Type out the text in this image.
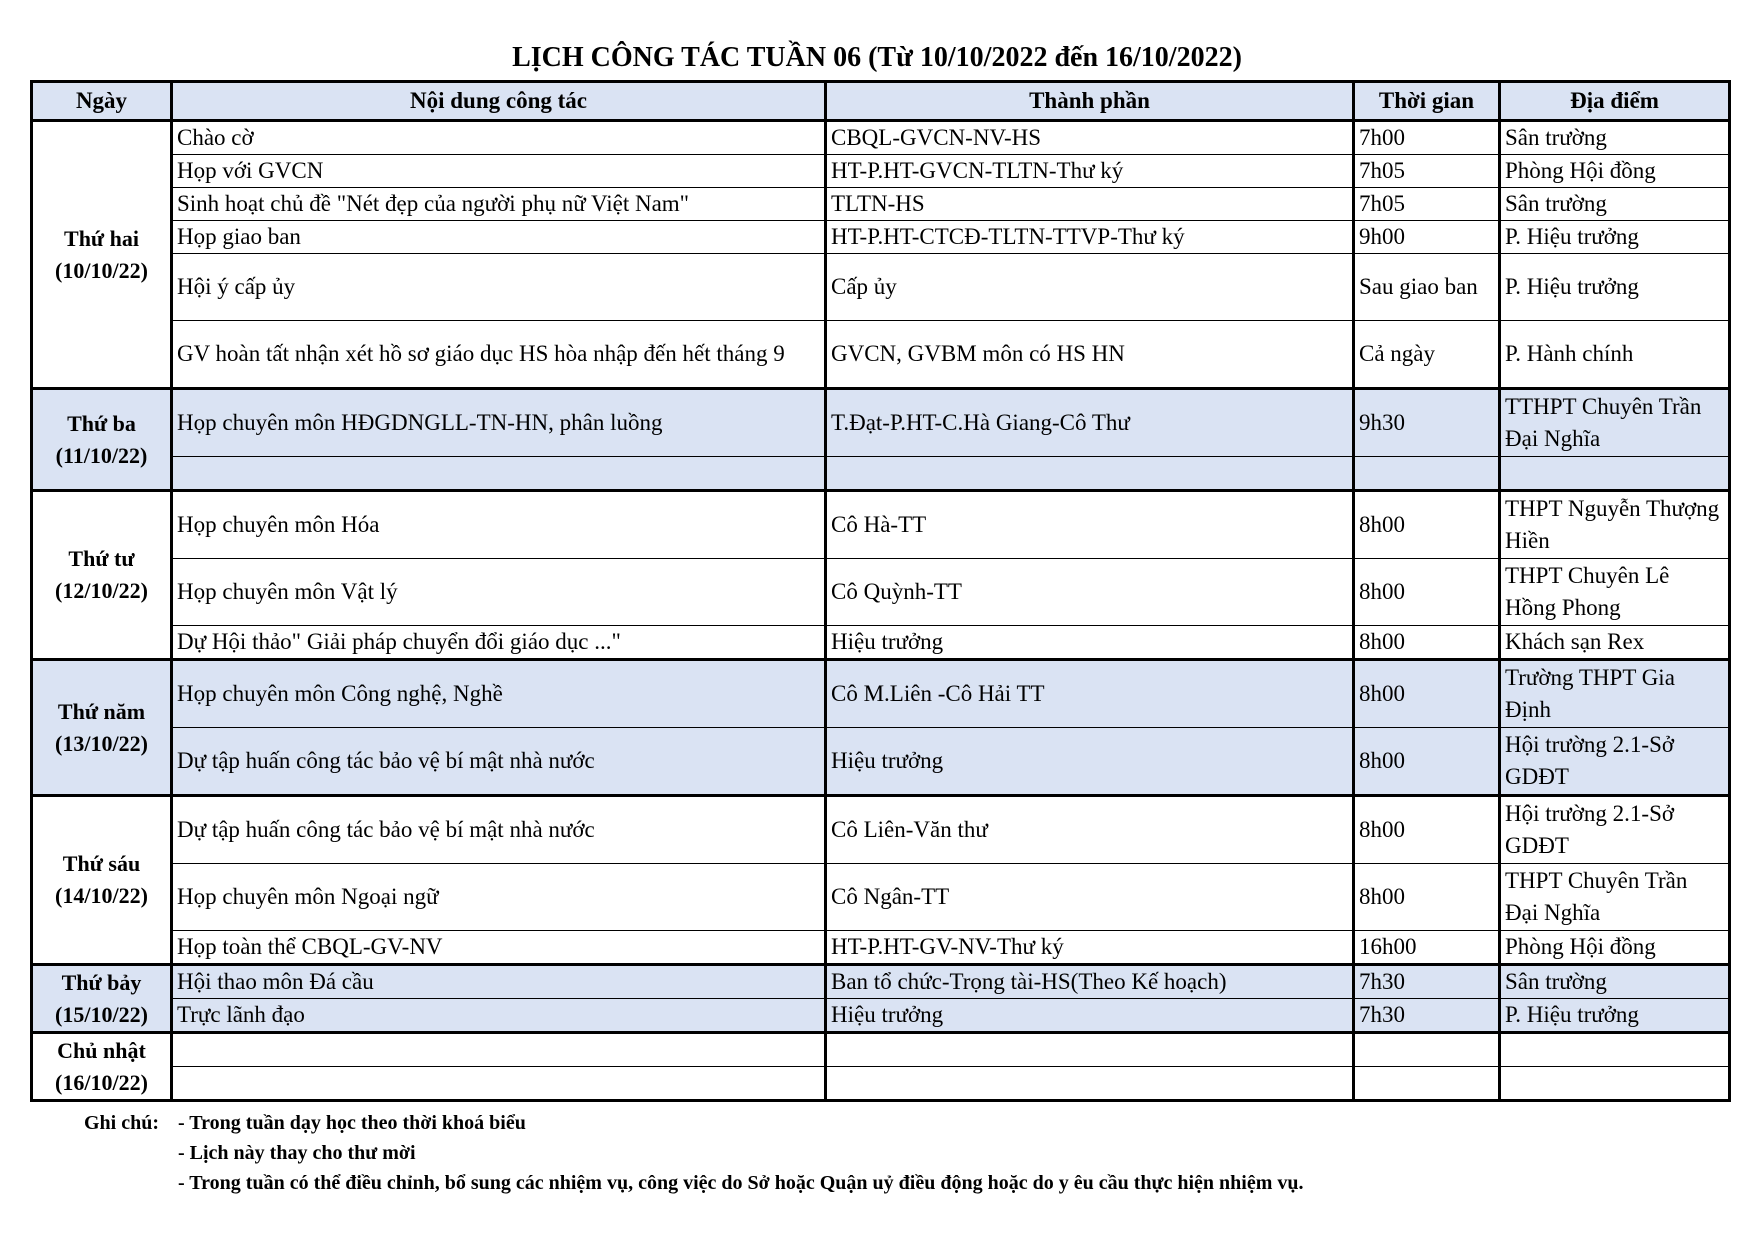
LỊCH CÔNG TÁC TUẦN 06 (Từ 10/10/2022 đến 16/10/2022)
Ngày	Nội dung công tác	Thành phần	Thời gian	Địa điểm

Thứ hai
(10/10/22)	Chào cờ	CBQL-GVCN-NV-HS	7h00	Sân trường
	Họp với GVCN	HT-P.HT-GVCN-TLTN-Thư ký	7h05	Phòng Hội đồng
	Sinh hoạt chủ đề "Nét đẹp của người phụ nữ Việt Nam"	TLTN-HS	7h05	Sân trường
	Họp giao ban	HT-P.HT-CTCĐ-TLTN-TTVP-Thư ký	9h00	P. Hiệu trưởng
	Hội ý cấp ủy	Cấp ủy	Sau giao ban	P. Hiệu trưởng
	GV hoàn tất nhận xét hồ sơ giáo dục HS hòa nhập đến hết tháng 9	GVCN, GVBM môn có HS HN	Cả ngày	P. Hành chính

Thứ ba
(11/10/22)	Họp chuyên môn HĐGDNGLL-TN-HN, phân luồng	T.Đạt-P.HT-C.Hà Giang-Cô Thư	9h30	TTHPT Chuyên Trần Đại Nghĩa

Thứ tư
(12/10/22)	Họp chuyên môn Hóa	Cô Hà-TT	8h00	THPT Nguyễn Thượng Hiền
	Họp chuyên môn Vật lý	Cô Quỳnh-TT	8h00	THPT Chuyên Lê Hồng Phong
	Dự Hội thảo" Giải pháp chuyển đổi giáo dục ..."	Hiệu trưởng	8h00	Khách sạn Rex

Thứ năm
(13/10/22)	Họp chuyên môn Công nghệ, Nghề	Cô M.Liên -Cô Hải TT	8h00	Trường THPT Gia Định
	Dự tập huấn công tác bảo vệ bí mật nhà nước	Hiệu trưởng	8h00	Hội trường 2.1-Sở GDĐT

Thứ sáu
(14/10/22)	Dự tập huấn công tác bảo vệ bí mật nhà nước	Cô Liên-Văn thư	8h00	Hội trường 2.1-Sở GDĐT
	Họp chuyên môn Ngoại ngữ	Cô Ngân-TT	8h00	THPT Chuyên Trần Đại Nghĩa
	Họp toàn thể CBQL-GV-NV	HT-P.HT-GV-NV-Thư ký	16h00	Phòng Hội đồng

Thứ bảy
(15/10/22)	Hội thao môn Đá cầu	Ban tổ chức-Trọng tài-HS(Theo Kế hoạch)	7h30	Sân trường
	Trực lãnh đạo	Hiệu trưởng	7h30	P. Hiệu trưởng

Chủ nhật
(16/10/22)				

Ghi chú: - Trong tuần dạy học theo thời khoá biểu
- Lịch này thay cho thư mời
- Trong tuần có thể điều chỉnh, bổ sung các nhiệm vụ, công việc do Sở hoặc Quận uỷ điều động hoặc do y êu cầu thực hiện nhiệm vụ.
